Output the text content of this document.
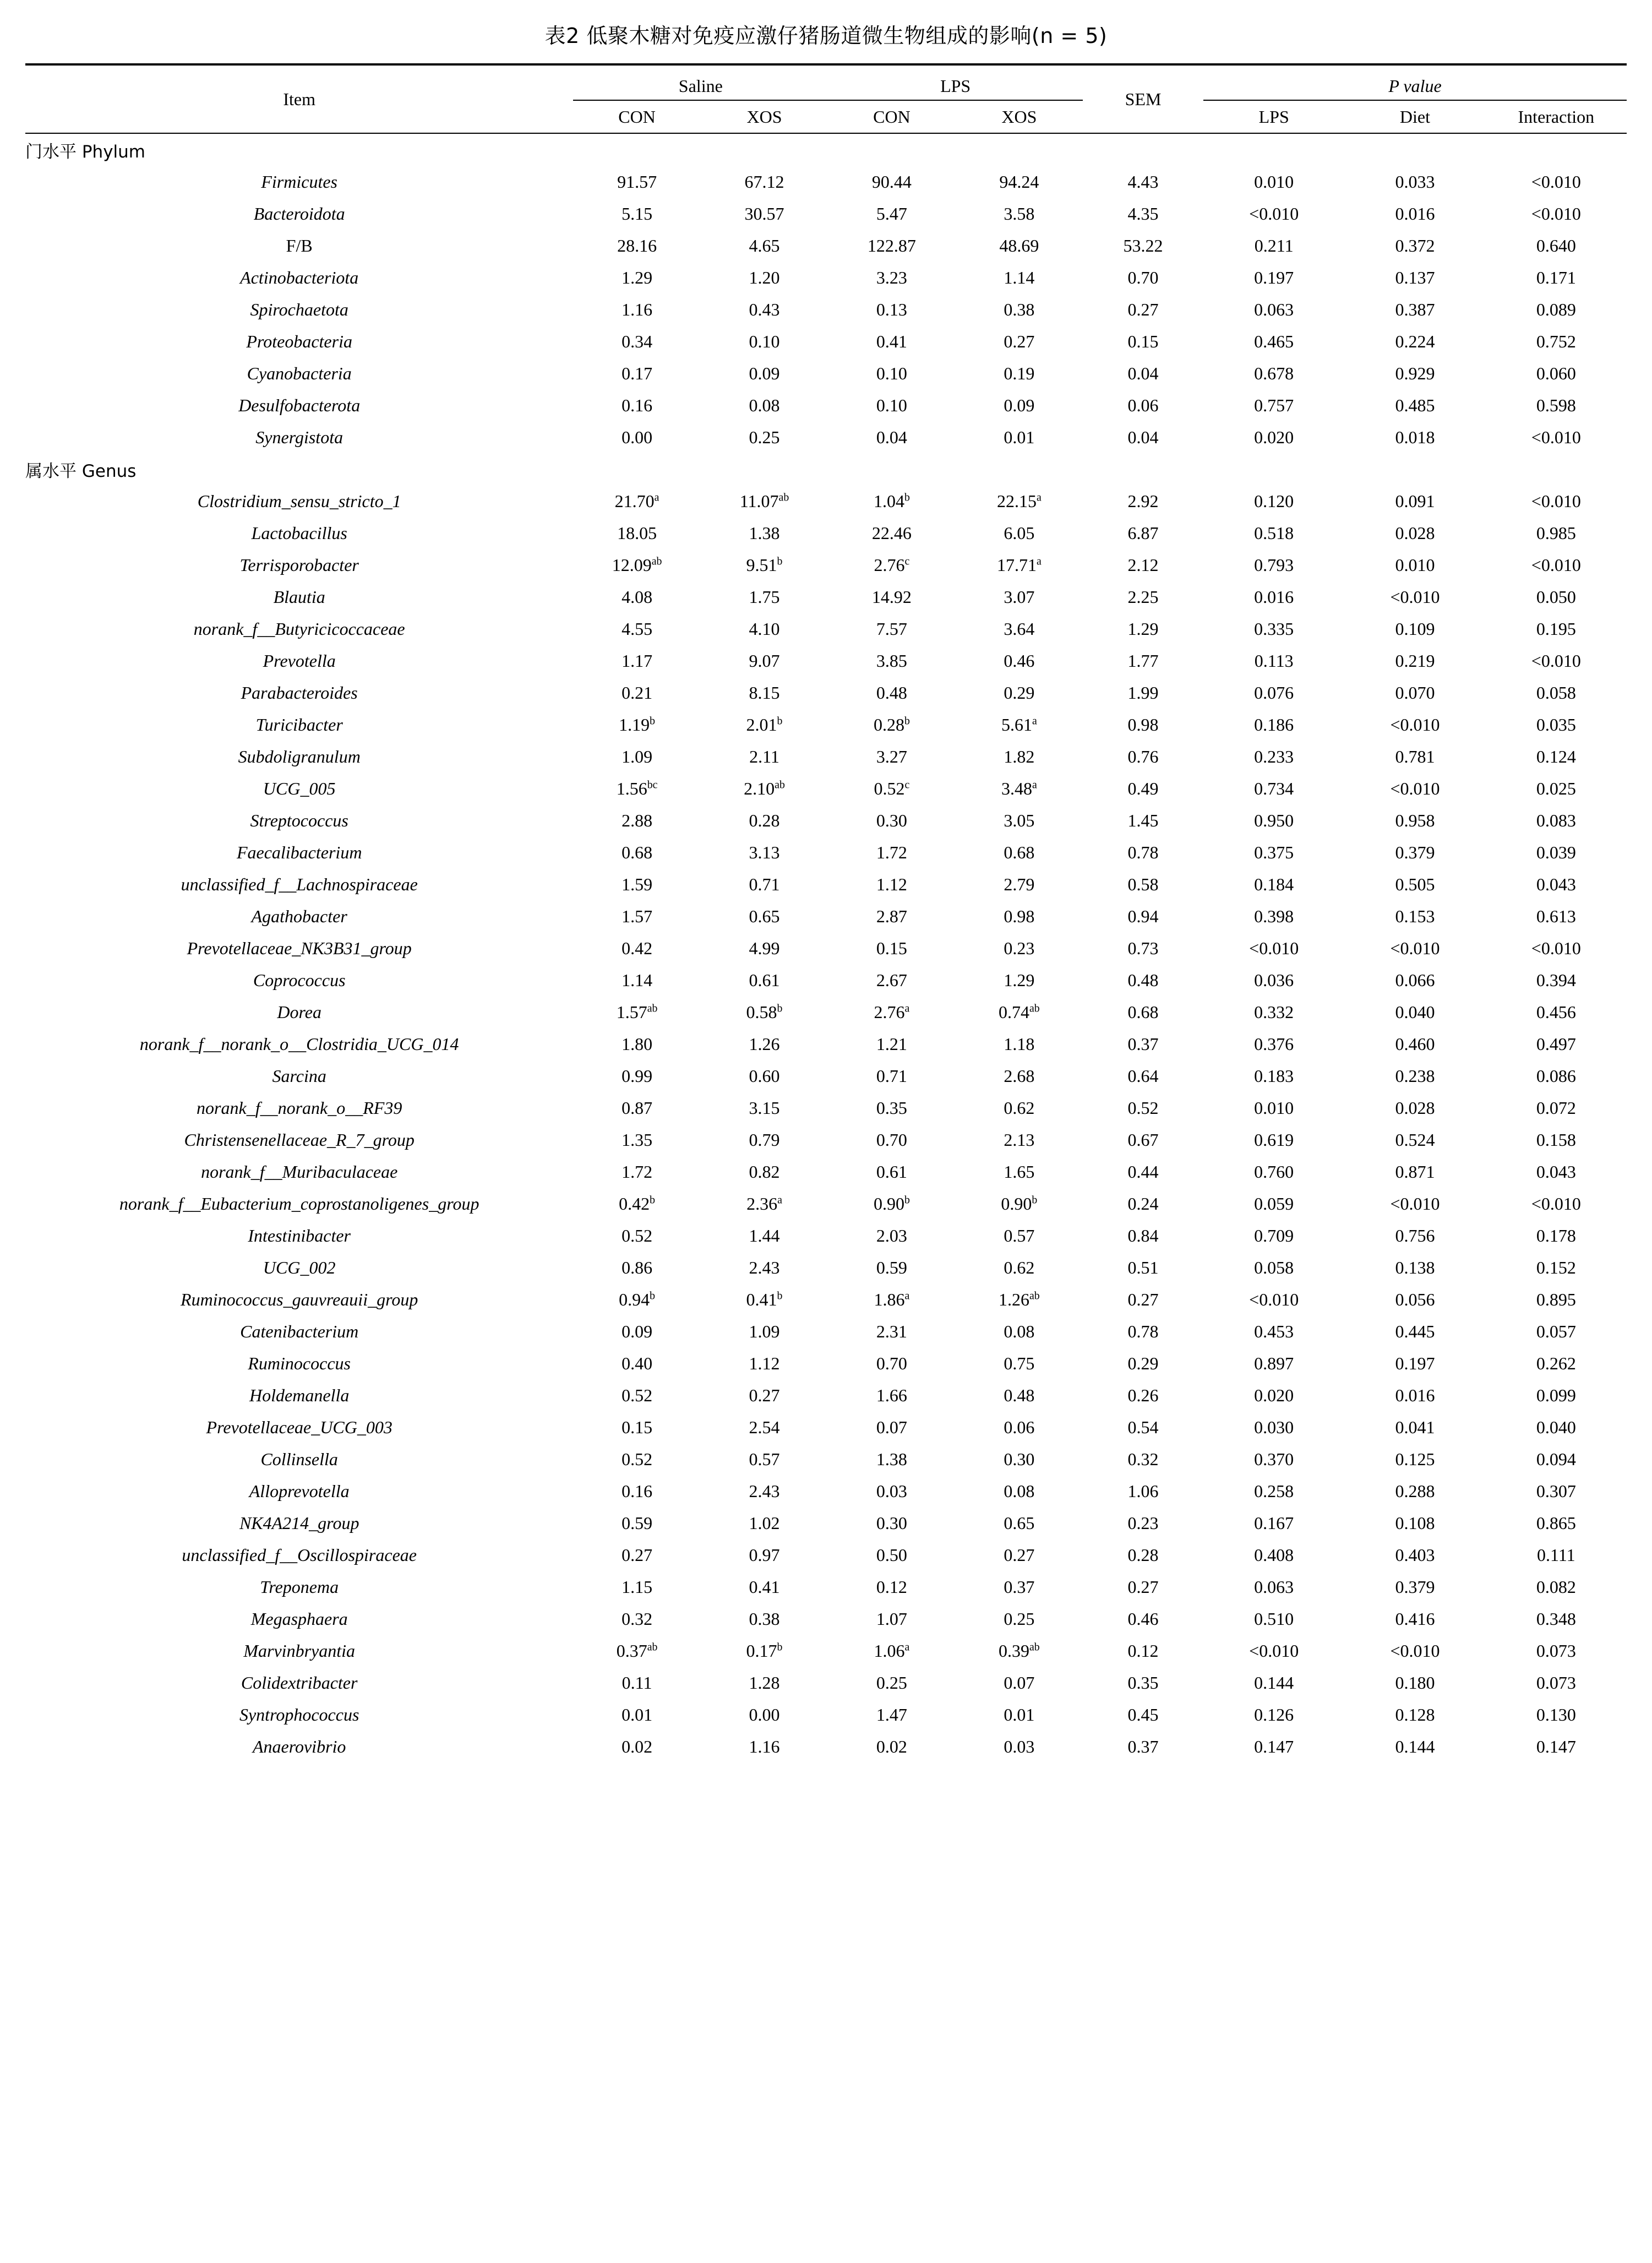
表2 低聚木糖对免疫应激仔猪肠道微生物组成的影响(n = 5)
Item	Saline		LPS		SEM	P value		

	CON	XOS	CON	XOS		LPS	Diet	Interaction

门水平 Phylum								
Firmicutes	91.57	67.12	90.44	94.24	4.43	0.010	0.033	<0.010
Bacteroidota	5.15	30.57	5.47	3.58	4.35	<0.010	0.016	<0.010
F/B	28.16	4.65	122.87	48.69	53.22	0.211	0.372	0.640
Actinobacteriota	1.29	1.20	3.23	1.14	0.70	0.197	0.137	0.171
Spirochaetota	1.16	0.43	0.13	0.38	0.27	0.063	0.387	0.089
Proteobacteria	0.34	0.10	0.41	0.27	0.15	0.465	0.224	0.752
Cyanobacteria	0.17	0.09	0.10	0.19	0.04	0.678	0.929	0.060
Desulfobacterota	0.16	0.08	0.10	0.09	0.06	0.757	0.485	0.598
Synergistota	0.00	0.25	0.04	0.01	0.04	0.020	0.018	<0.010
属水平 Genus								
Clostridium_sensu_stricto_1	21.70$^a$	11.07$^{ab}$	1.04$^b$	22.15$^a$	2.92	0.120	0.091	<0.010
Lactobacillus	18.05	1.38	22.46	6.05	6.87	0.518	0.028	0.985
Terrisporobacter	12.09$^{ab}$	9.51$^b$	2.76$^c$	17.71$^a$	2.12	0.793	0.010	<0.010
Blautia	4.08	1.75	14.92	3.07	2.25	0.016	<0.010	0.050
norank_f__Butyricicoccaceae	4.55	4.10	7.57	3.64	1.29	0.335	0.109	0.195
Prevotella	1.17	9.07	3.85	0.46	1.77	0.113	0.219	<0.010
Parabacteroides	0.21	8.15	0.48	0.29	1.99	0.076	0.070	0.058
Turicibacter	1.19$^b$	2.01$^b$	0.28$^b$	5.61$^a$	0.98	0.186	<0.010	0.035
Subdoligranulum	1.09	2.11	3.27	1.82	0.76	0.233	0.781	0.124
UCG_005	1.56$^{bc}$	2.10$^{ab}$	0.52$^c$	3.48$^a$	0.49	0.734	<0.010	0.025
Streptococcus	2.88	0.28	0.30	3.05	1.45	0.950	0.958	0.083
Faecalibacterium	0.68	3.13	1.72	0.68	0.78	0.375	0.379	0.039
unclassified_f__Lachnospiraceae	1.59	0.71	1.12	2.79	0.58	0.184	0.505	0.043
Agathobacter	1.57	0.65	2.87	0.98	0.94	0.398	0.153	0.613
Prevotellaceae_NK3B31_group	0.42	4.99	0.15	0.23	0.73	<0.010	<0.010	<0.010
Coprococcus	1.14	0.61	2.67	1.29	0.48	0.036	0.066	0.394
Dorea	1.57$^{ab}$	0.58$^b$	2.76$^a$	0.74$^{ab}$	0.68	0.332	0.040	0.456
norank_f__norank_o__Clostridia_UCG_014	1.80	1.26	1.21	1.18	0.37	0.376	0.460	0.497
Sarcina	0.99	0.60	0.71	2.68	0.64	0.183	0.238	0.086
norank_f__norank_o__RF39	0.87	3.15	0.35	0.62	0.52	0.010	0.028	0.072
Christensenellaceae_R_7_group	1.35	0.79	0.70	2.13	0.67	0.619	0.524	0.158
norank_f__Muribaculaceae	1.72	0.82	0.61	1.65	0.44	0.760	0.871	0.043
norank_f__Eubacterium_coprostanoligenes_group	0.42$^b$	2.36$^a$	0.90$^b$	0.90$^b$	0.24	0.059	<0.010	<0.010
Intestinibacter	0.52	1.44	2.03	0.57	0.84	0.709	0.756	0.178
UCG_002	0.86	2.43	0.59	0.62	0.51	0.058	0.138	0.152
Ruminococcus_gauvreauii_group	0.94$^b$	0.41$^b$	1.86$^a$	1.26$^{ab}$	0.27	<0.010	0.056	0.895
Catenibacterium	0.09	1.09	2.31	0.08	0.78	0.453	0.445	0.057
Ruminococcus	0.40	1.12	0.70	0.75	0.29	0.897	0.197	0.262
Holdemanella	0.52	0.27	1.66	0.48	0.26	0.020	0.016	0.099
Prevotellaceae_UCG_003	0.15	2.54	0.07	0.06	0.54	0.030	0.041	0.040
Collinsella	0.52	0.57	1.38	0.30	0.32	0.370	0.125	0.094
Alloprevotella	0.16	2.43	0.03	0.08	1.06	0.258	0.288	0.307
NK4A214_group	0.59	1.02	0.30	0.65	0.23	0.167	0.108	0.865
unclassified_f__Oscillospiraceae	0.27	0.97	0.50	0.27	0.28	0.408	0.403	0.111
Treponema	1.15	0.41	0.12	0.37	0.27	0.063	0.379	0.082
Megasphaera	0.32	0.38	1.07	0.25	0.46	0.510	0.416	0.348
Marvinbryantia	0.37$^{ab}$	0.17$^b$	1.06$^a$	0.39$^{ab}$	0.12	<0.010	<0.010	0.073
Colidextribacter	0.11	1.28	0.25	0.07	0.35	0.144	0.180	0.073
Syntrophococcus	0.01	0.00	1.47	0.01	0.45	0.126	0.128	0.130
Anaerovibrio	0.02	1.16	0.02	0.03	0.37	0.147	0.144	0.147
